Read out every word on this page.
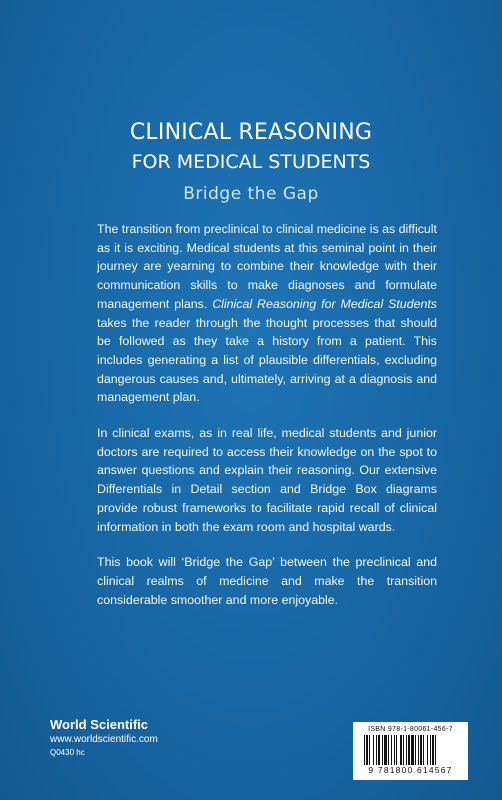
CLINICAL REASONING
FOR MEDICAL STUDENTS
Bridge the Gap

The transition from preclinical to clinical medicine is as difficult as it is exciting. Medical students at this seminal point in their journey are yearning to combine their knowledge with their communication skills to make diagnoses and formulate management plans. Clinical Reasoning for Medical Students takes the reader through the thought processes that should be followed as they take a history from a patient. This includes generating a list of plausible differentials, excluding dangerous causes and, ultimately, arriving at a diagnosis and management plan.

In clinical exams, as in real life, medical students and junior doctors are required to access their knowledge on the spot to answer questions and explain their reasoning. Our extensive Differentials in Detail section and Bridge Box diagrams provide robust frameworks to facilitate rapid recall of clinical information in both the exam room and hospital wards.

This book will ‘Bridge the Gap’ between the preclinical and clinical realms of medicine and make the transition considerable smoother and more enjoyable.

World Scientific
www.worldscientific.com
Q0430 hc
ISBN 978-1-80061-456-7
9 781800 614567
